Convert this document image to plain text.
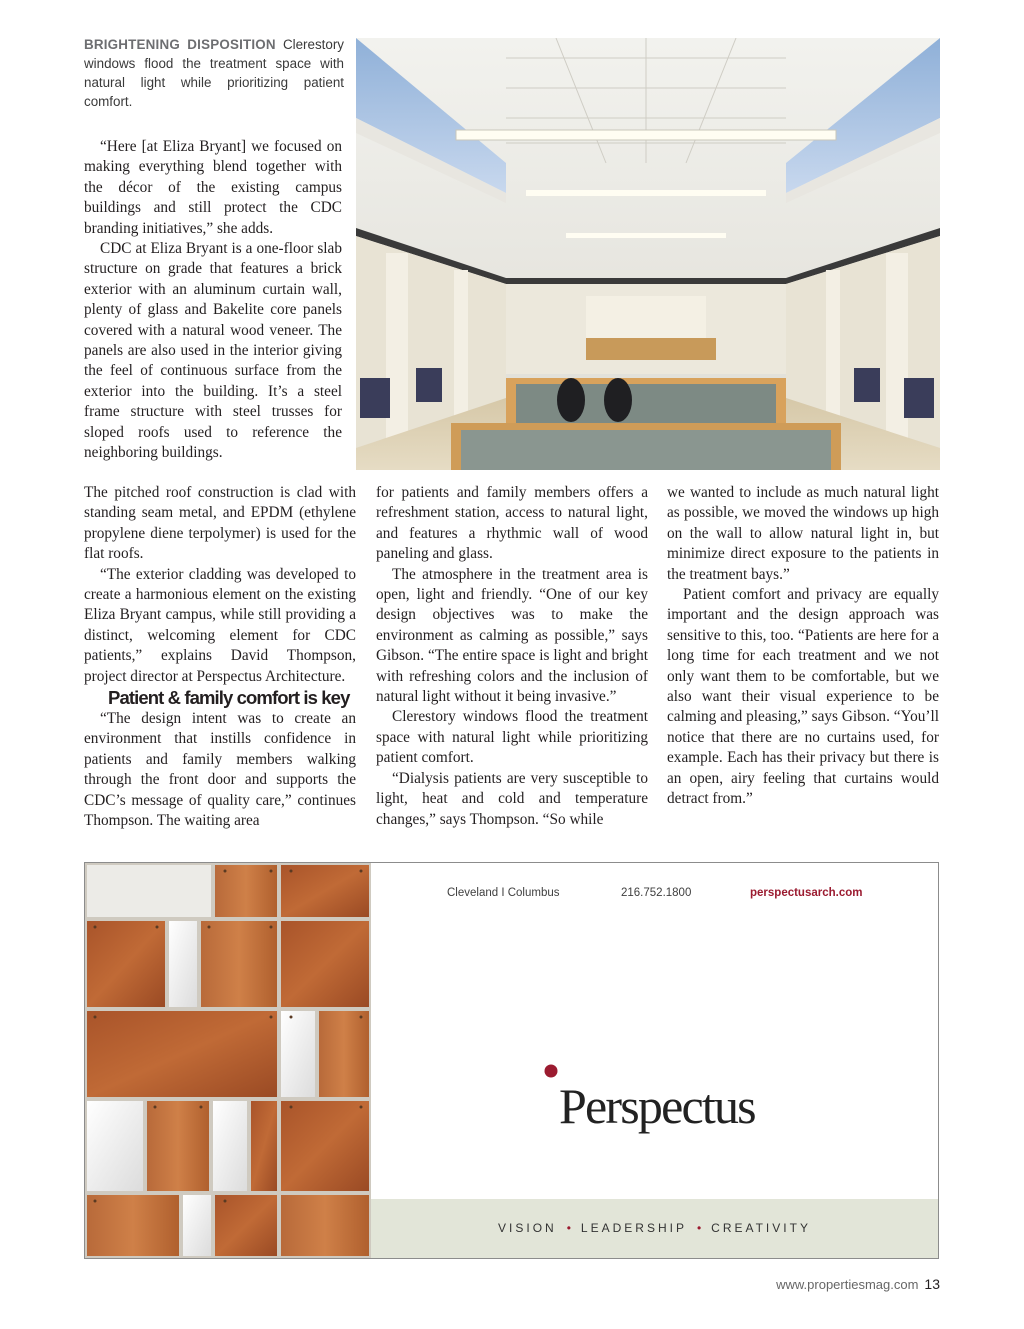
BRIGHTENING DISPOSITION Clerestory windows flood the treatment space with natural light while prioritizing patient comfort.

“Here [at Eliza Bryant] we focused on making everything blend together with the décor of the existing campus buildings and still protect the CDC branding initiatives,” she adds.

CDC at Eliza Bryant is a one-floor slab structure on grade that features a brick exterior with an aluminum curtain wall, plenty of glass and Bakelite core panels covered with a natural wood veneer. The panels are also used in the interior giving the feel of continuous surface from the exterior into the building. It’s a steel frame structure with steel trusses for sloped roofs used to reference the neighboring buildings.

The pitched roof construction is clad with standing seam metal, and EPDM (ethylene propylene diene terpolymer) is used for the flat roofs.

“The exterior cladding was developed to create a harmonious element on the existing Eliza Bryant campus, while still providing a distinct, welcoming element for CDC patients,” explains David Thompson, project director at Perspectus Architecture.

Patient & family comfort is key

“The design intent was to create an environment that instills confidence in patients and family members walking through the front door and supports the CDC’s message of quality care,” continues Thompson. The waiting area

for patients and family members offers a refreshment station, access to natural light, and features a rhythmic wall of wood paneling and glass.

The atmosphere in the treatment area is open, light and friendly. “One of our key design objectives was to make the environment as calming as possible,” says Gibson. “The entire space is light and bright with refreshing colors and the inclusion of natural light without it being invasive.”

Clerestory windows flood the treatment space with natural light while prioritizing patient comfort.

“Dialysis patients are very susceptible to light, heat and cold and temperature changes,” says Thompson. “So while

we wanted to include as much natural light as possible, we moved the windows up high on the wall to allow natural light in, but minimize direct exposure to the patients in the treatment bays.”

Patient comfort and privacy are equally important and the design approach was sensitive to this, too. “Patients are here for a long time for each treatment and we not only want them to be comfortable, but we also want their visual experience to be calming and pleasing,” says Gibson. “You’ll notice that there are no curtains used, for example. Each has their privacy but there is an open, airy feeling that curtains would detract from.”

Cleveland I Columbus	216.752.1800	perspectusarch.com

Perspectus

VISION • LEADERSHIP • CREATIVITY
www.propertiesmag.com 13
